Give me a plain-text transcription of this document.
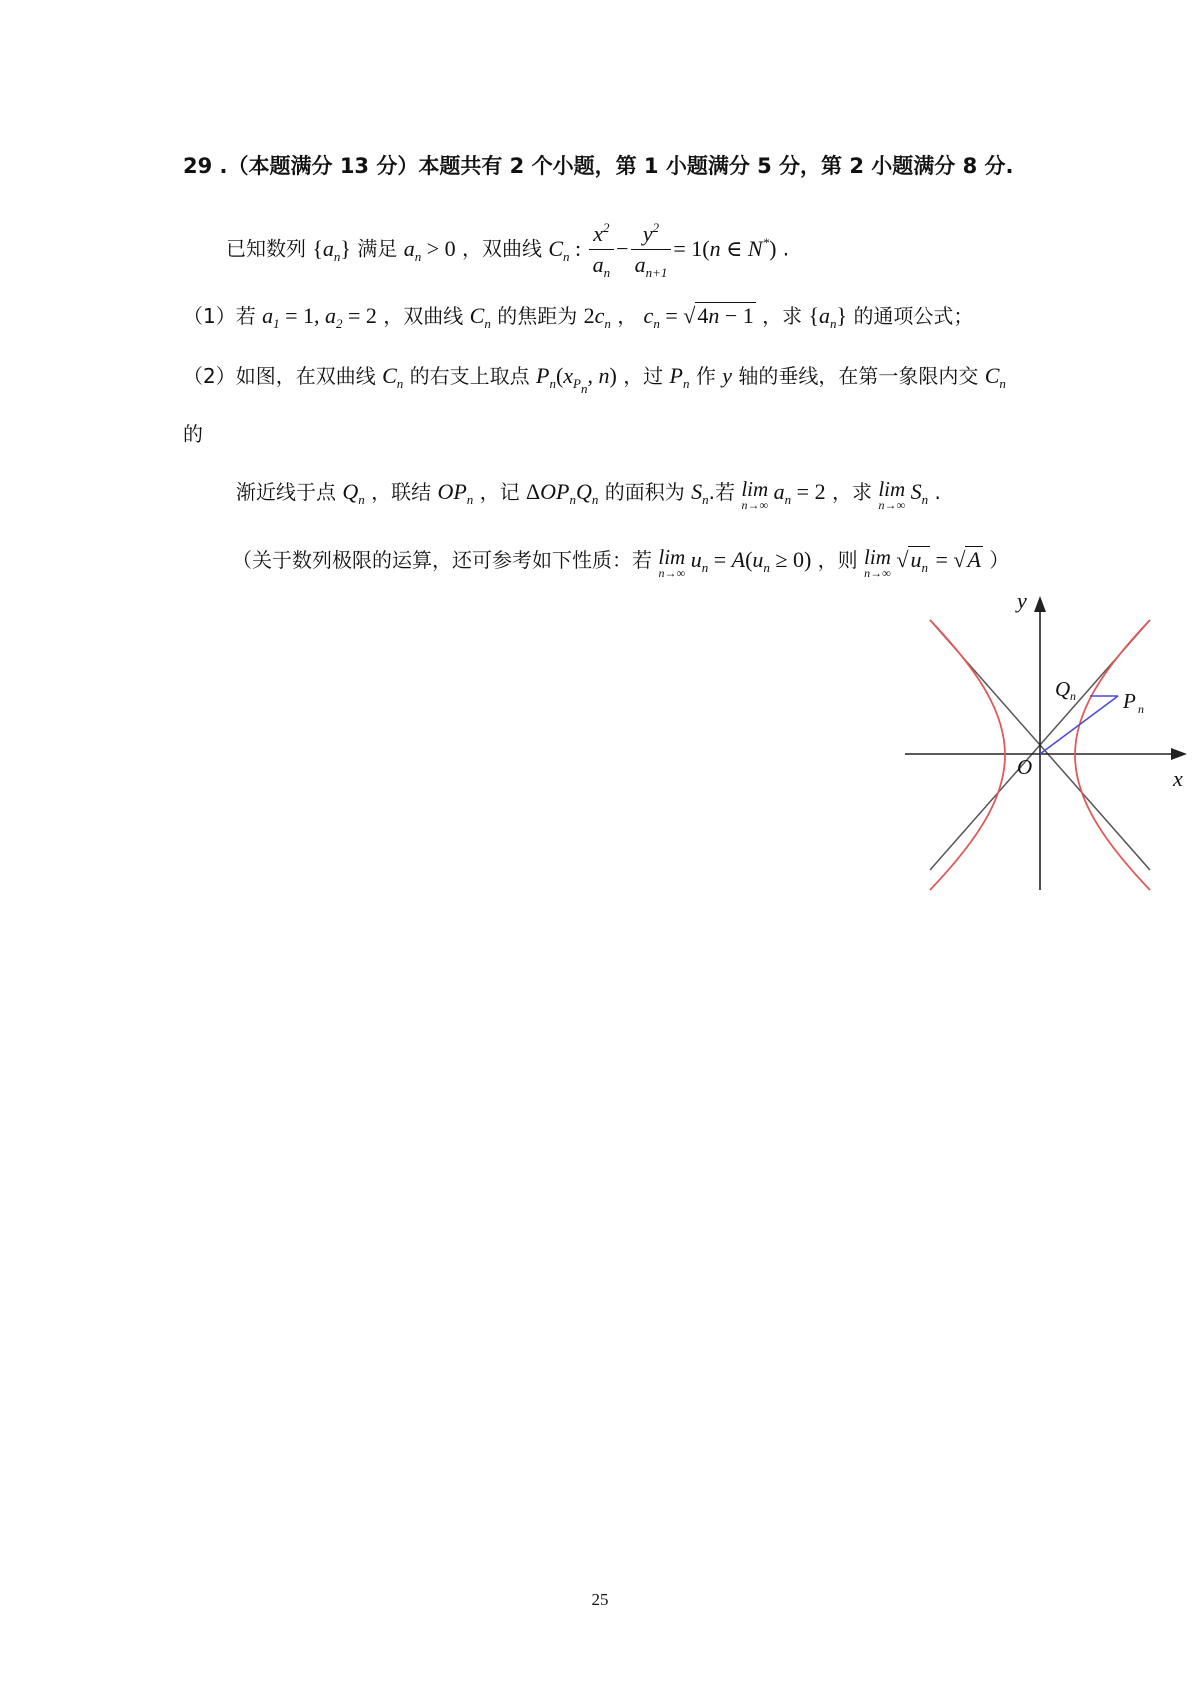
29 .（本题满分 13 分）本题共有 2 个小题，第 1 小题满分 5 分，第 2 小题满分 8 分.
已知数列 $\{a_n\}$ 满足 $a_n > 0$ ，双曲线 $C_n$ : $\frac{x^2}{a_n} - \frac{y^2}{a_{n+1}} = 1(n$ ∈ N*) .
（1）若 $a_1 = 1$, $a_2 = 2$ ，双曲线 $C_n$ 的焦距为 $2c_n$ ， $c_n = √4n - 1$ ，求 $\{a_n\}$ 的通项公式；
（2）如图，在双曲线 $C_n$ 的右支上取点 $P_n(x_{P_n}$, n) ，过 $P_n$ 作 y 轴的垂线，在第一象限内交 $C_n$
的
渐近线于点 $Q_n$ ，联结 $OP_n$ ，记 $\Delta OP_nQ_n$ 的面积为 $S_n$.若 lim
n→∞
$a_n = 2$ ，求 lim
n→∞
$S_n$ .
（关于数列极限的运算，还可参考如下性质：若 lim
n→∞
$u_n = A(u_n \ge 0)$ ，则 lim
n→∞
$√u_n = √A$ ）
y
x
O
Q n P n
25
